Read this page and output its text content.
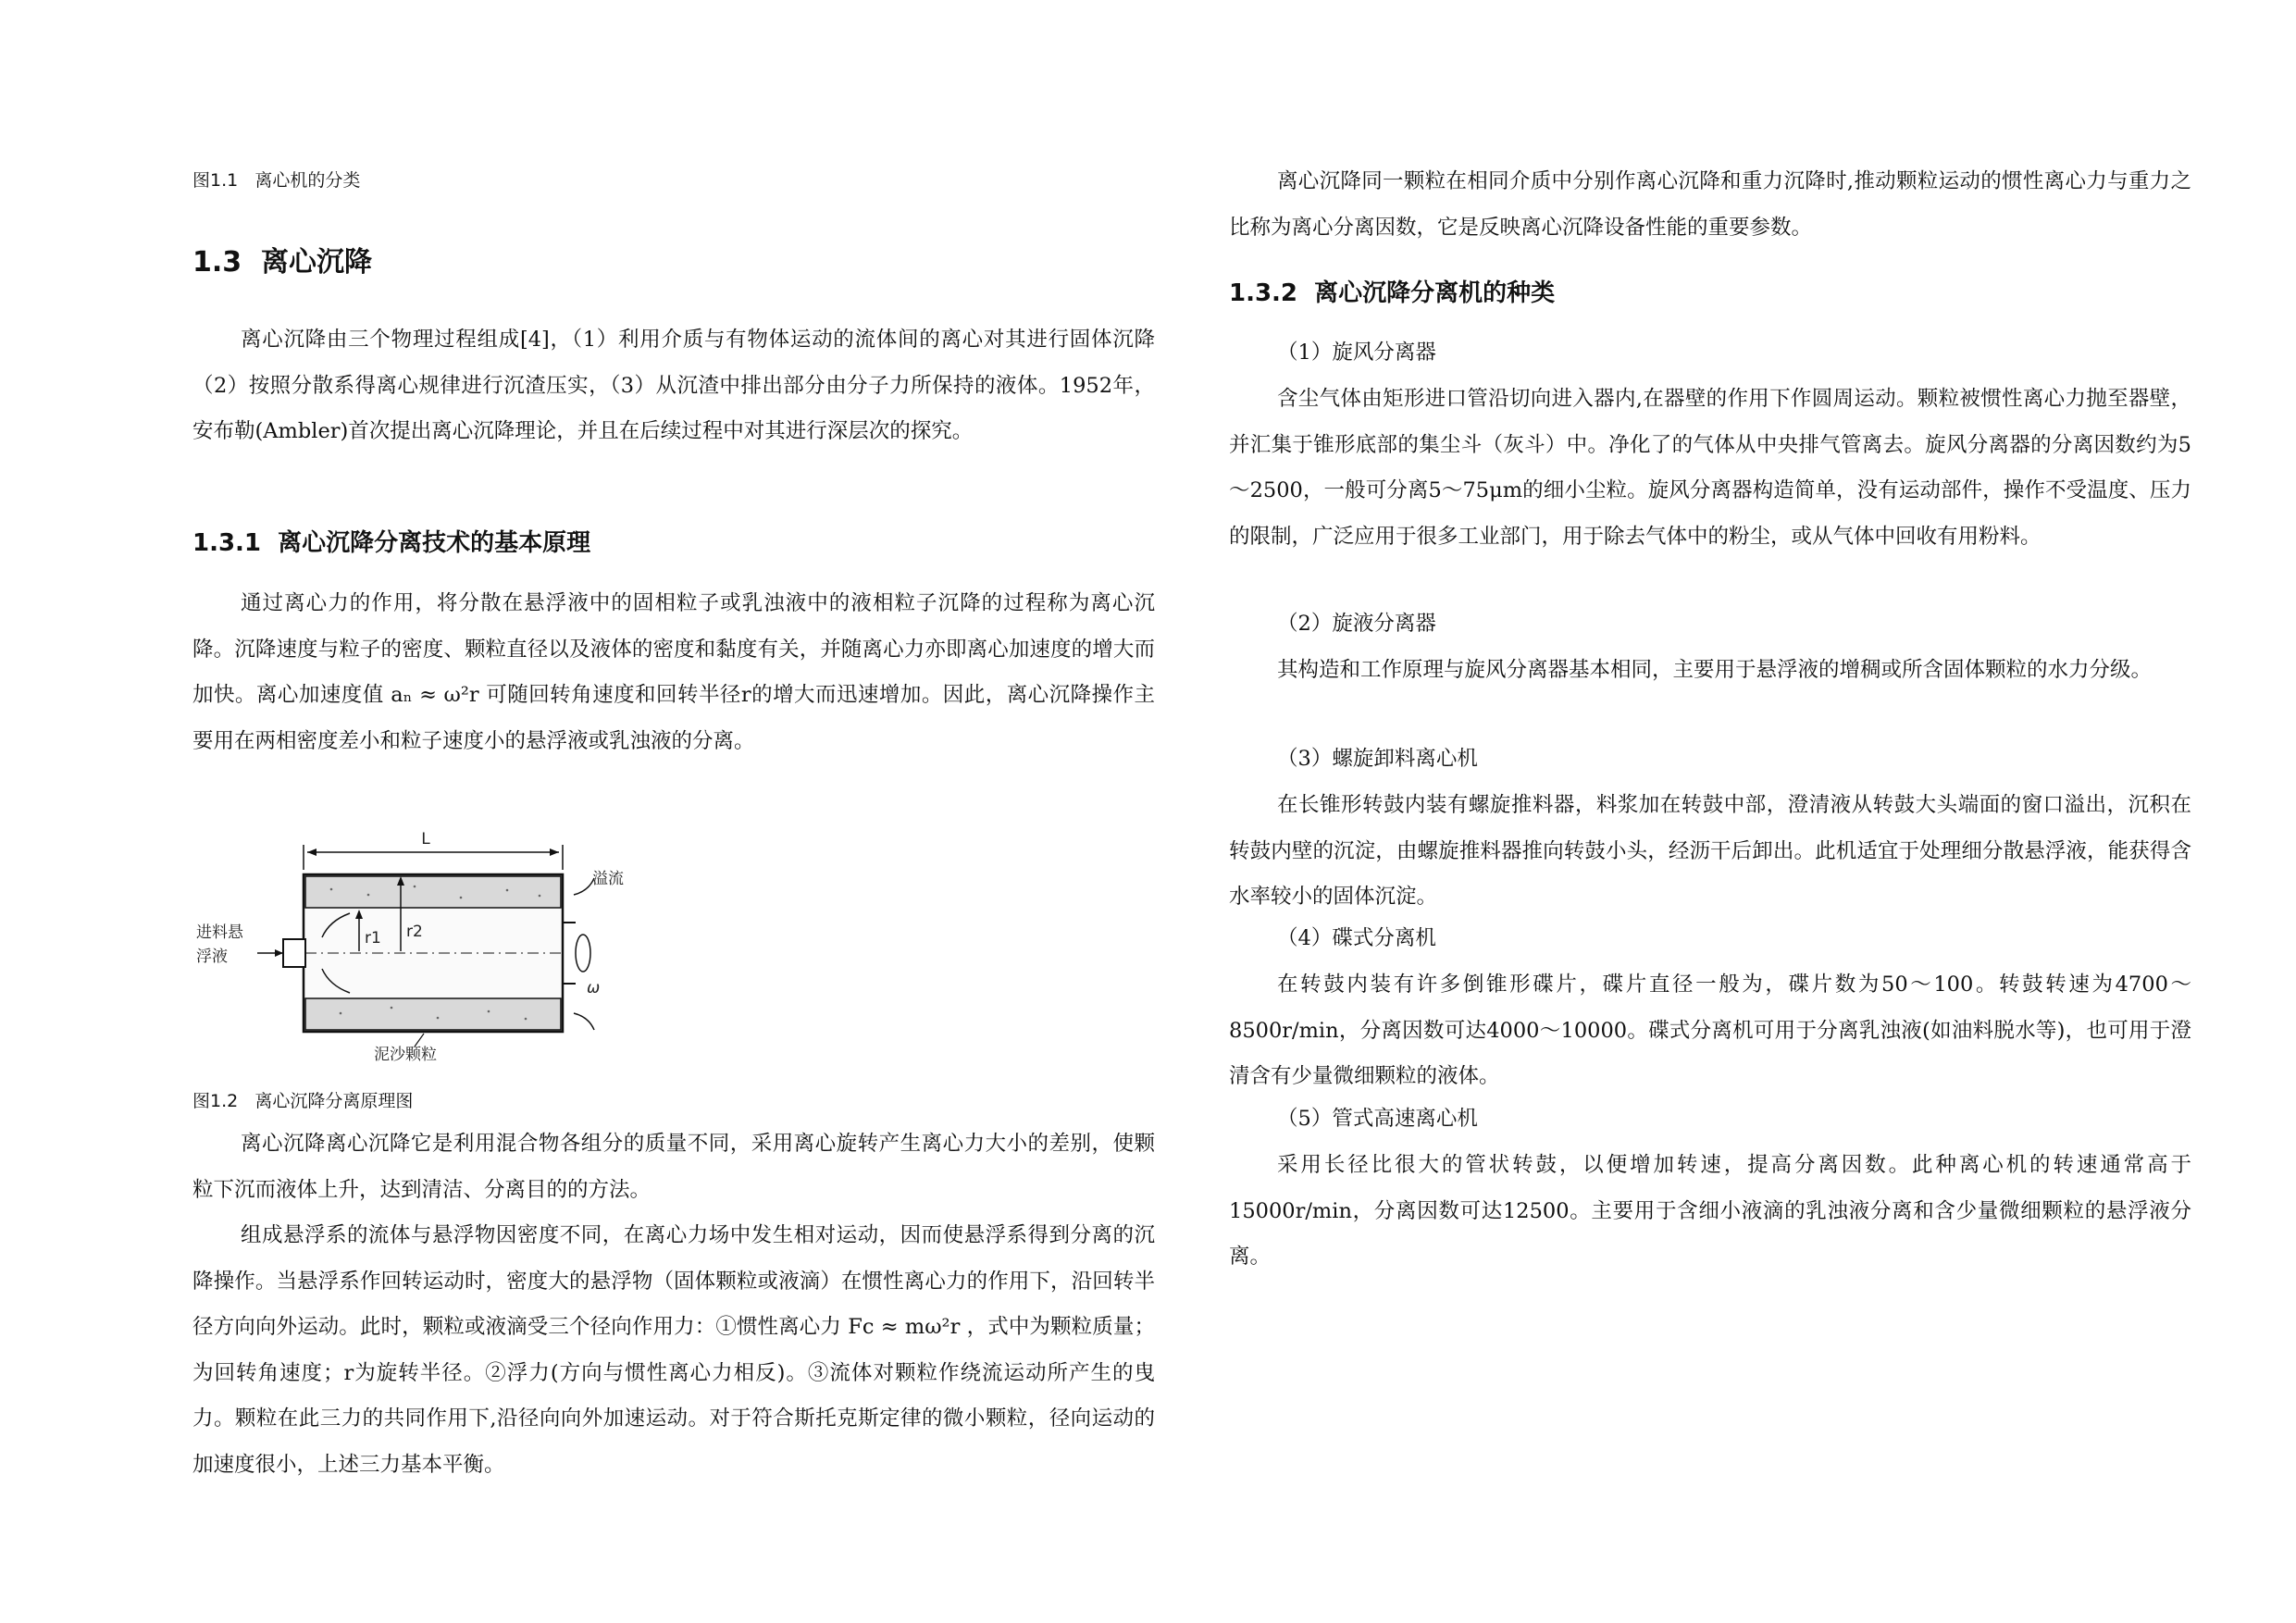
图1.1   离心机的分类
1.3  离心沉降
离心沉降由三个物理过程组成[4]，（1）利用介质与有物体运动的流体间的离心对其进行固体沉降（2）按照分散系得离心规律进行沉渣压实，（3）从沉渣中排出部分由分子力所保持的液体。1952年，安布勒(Ambler)首次提出离心沉降理论，并且在后续过程中对其进行深层次的探究。
1.3.1  离心沉降分离技术的基本原理
通过离心力的作用，将分散在悬浮液中的固相粒子或乳浊液中的液相粒子沉降的过程称为离心沉降。沉降速度与粒子的密度、颗粒直径以及液体的密度和黏度有关，并随离心力亦即离心加速度的增大而加快。离心加速度值 aₙ ≈ ω²r 可随回转角速度和回转半径r的增大而迅速增加。因此，离心沉降操作主要用在两相密度差小和粒子速度小的悬浮液或乳浊液的分离。
L
进料悬
浮液
r1 r2
溢流
ω
泥沙颗粒
图1.2   离心沉降分离原理图
离心沉降离心沉降它是利用混合物各组分的质量不同，采用离心旋转产生离心力大小的差别，使颗粒下沉而液体上升，达到清洁、分离目的的方法。
组成悬浮系的流体与悬浮物因密度不同，在离心力场中发生相对运动，因而使悬浮系得到分离的沉降操作。当悬浮系作回转运动时，密度大的悬浮物（固体颗粒或液滴）在惯性离心力的作用下，沿回转半径方向向外运动。此时，颗粒或液滴受三个径向作用力：①惯性离心力 Fc ≈ mω²r ，式中为颗粒质量；为回转角速度；r为旋转半径。②浮力(方向与惯性离心力相反)。③流体对颗粒作绕流运动所产生的曳力。颗粒在此三力的共同作用下,沿径向向外加速运动。对于符合斯托克斯定律的微小颗粒，径向运动的加速度很小，上述三力基本平衡。
离心沉降同一颗粒在相同介质中分别作离心沉降和重力沉降时,推动颗粒运动的惯性离心力与重力之比称为离心分离因数，它是反映离心沉降设备性能的重要参数。
1.3.2  离心沉降分离机的种类
（1）旋风分离器
含尘气体由矩形进口管沿切向进入器内,在器壁的作用下作圆周运动。颗粒被惯性离心力抛至器壁，并汇集于锥形底部的集尘斗（灰斗）中。净化了的气体从中央排气管离去。旋风分离器的分离因数约为5～2500，一般可分离5～75μm的细小尘粒。旋风分离器构造简单，没有运动部件，操作不受温度、压力的限制，广泛应用于很多工业部门，用于除去气体中的粉尘，或从气体中回收有用粉料。
（2）旋液分离器
其构造和工作原理与旋风分离器基本相同，主要用于悬浮液的增稠或所含固体颗粒的水力分级。
（3）螺旋卸料离心机
在长锥形转鼓内装有螺旋推料器，料浆加在转鼓中部，澄清液从转鼓大头端面的窗口溢出，沉积在转鼓内壁的沉淀，由螺旋推料器推向转鼓小头，经沥干后卸出。此机适宜于处理细分散悬浮液，能获得含水率较小的固体沉淀。
（4）碟式分离机
在转鼓内装有许多倒锥形碟片，碟片直径一般为，碟片数为50～100。转鼓转速为4700～8500r/min，分离因数可达4000～10000。碟式分离机可用于分离乳浊液(如油料脱水等)，也可用于澄清含有少量微细颗粒的液体。
（5）管式高速离心机
采用长径比很大的管状转鼓，以便增加转速，提高分离因数。此种离心机的转速通常高于15000r/min，分离因数可达12500。主要用于含细小液滴的乳浊液分离和含少量微细颗粒的悬浮液分离。
